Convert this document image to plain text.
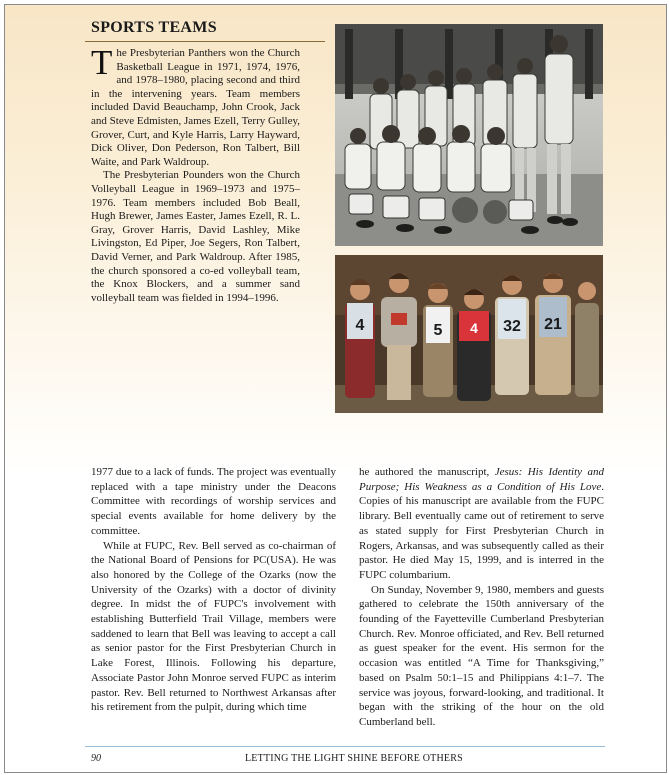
SPORTS TEAMS

The Presbyterian Panthers won the Church Basketball League in 1971, 1974, 1976, and 1978–1980, placing second and third in the intervening years. Team members included David Beauchamp, John Crook, Jack and Steve Edmisten, James Ezell, Terry Gulley, Grover, Curt, and Kyle Harris, Larry Hayward, Dick Oliver, Don Pederson, Ron Talbert, Bill Waite, and Park Waldroup.

The Presbyterian Pounders won the Church Volleyball League in 1969–1973 and 1975–1976. Team members included Bob Beall, Hugh Brewer, James Easter, James Ezell, R. L. Gray, Grover Harris, David Lashley, Mike Livingston, Ed Piper, Joe Segers, Ron Talbert, David Verner, and Park Waldroup. After 1985, the church sponsored a co-ed volleyball team, the Knox Blockers, and a summer sand volleyball team was fielded in 1994–1996.

4	5	32 21
4

1977 due to a lack of funds. The project was eventually replaced with a tape ministry under the Deacons Committee with recordings of worship services and special events available for home delivery by the committee.

While at FUPC, Rev. Bell served as co-chairman of the National Board of Pensions for PC(USA). He was also honored by the College of the Ozarks (now the University of the Ozarks) with a doctor of divinity degree. In midst the of FUPC's involvement with establishing Butterfield Trail Village, members were saddened to learn that Bell was leaving to accept a call as senior pastor for the First Presbyterian Church in Lake Forest, Illinois. Following his departure, Associate Pastor John Monroe served FUPC as interim pastor. Rev. Bell returned to Northwest Arkansas after his retirement from the pulpit, during which time

he authored the manuscript, Jesus: His Identity and Purpose; His Weakness as a Condition of His Love. Copies of his manuscript are available from the FUPC library. Bell eventually came out of retirement to serve as stated supply for First Presbyterian Church in Rogers, Arkansas, and was subsequently called as their pastor. He died May 15, 1999, and is interred in the FUPC columbarium.

On Sunday, November 9, 1980, members and guests gathered to celebrate the 150th anniversary of the founding of the Fayetteville Cumberland Presbyterian Church. Rev. Monroe officiated, and Rev. Bell returned as guest speaker for the event. His sermon for the occasion was entitled “A Time for Thanksgiving,” based on Psalm 50:1–15 and Philippians 4:1–7. The service was joyous, forward-looking, and traditional. It began with the striking of the hour on the old Cumberland bell.

90	LETTING THE LIGHT SHINE BEFORE OTHERS
